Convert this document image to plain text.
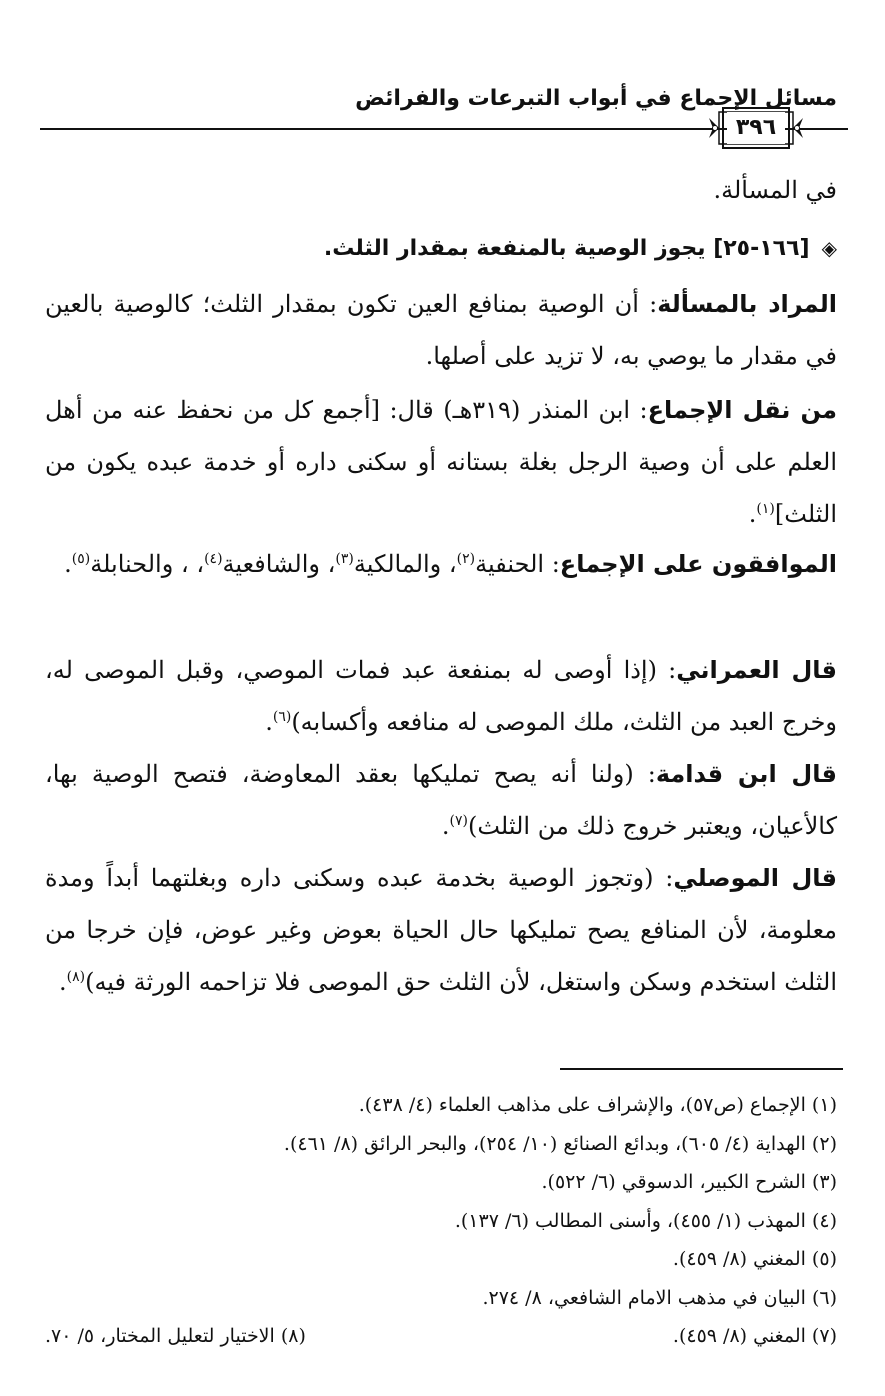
مسائل الإجماع في أبواب التبرعات والفرائض
٣٩٦

في المسألة.

◈[١٦٦-٢٥] يجوز الوصية بالمنفعة بمقدار الثلث.

المراد بالمسألة: أن الوصية بمنافع العين تكون بمقدار الثلث؛ كالوصية بالعين في مقدار ما يوصي به، لا تزيد على أصلها.

من نقل الإجماع: ابن المنذر (٣١٩هـ) قال: [أجمع كل من نحفظ عنه من أهل العلم على أن وصية الرجل بغلة بستانه أو سكنى داره أو خدمة عبده يكون من الثلث]$^{(١)}$.

الموافقون على الإجماع: الحنفية$^{(٢)}$، والمالكية$^{(٣)}$، والشافعية$^{(٤)}$، ، والحنابلة$^{(٥)}$.

قال العمراني: (إذا أوصى له بمنفعة عبد فمات الموصي، وقبل الموصى له، وخرج العبد من الثلث، ملك الموصى له منافعه وأكسابه)$^{(٦)}$.

قال ابن قدامة: (ولنا أنه يصح تمليكها بعقد المعاوضة، فتصح الوصية بها، كالأعيان، ويعتبر خروج ذلك من الثلث)$^{(٧)}$.

قال الموصلي: (وتجوز الوصية بخدمة عبده وسكنى داره وبغلتهما أبداً ومدة معلومة، لأن المنافع يصح تمليكها حال الحياة بعوض وغير عوض، فإن خرجا من الثلث استخدم وسكن واستغل، لأن الثلث حق الموصى فلا تزاحمه الورثة فيه)$^{(٨)}$.

(١) الإجماع (ص٥٧)، والإشراف على مذاهب العلماء (٤/ ٤٣٨).
(٢) الهداية (٤/ ٦٠٥)، وبدائع الصنائع (١٠/ ٢٥٤)، والبحر الرائق (٨/ ٤٦١).
(٣) الشرح الكبير، الدسوقي (٦/ ٥٢٢).
(٤) المهذب (١/ ٤٥٥)، وأسنى المطالب (٦/ ١٣٧).
(٥) المغني (٨/ ٤٥٩).
(٦) البيان في مذهب الامام الشافعي، ٨/ ٢٧٤.
(٧) المغني (٨/ ٤٥٩).
(٨) الاختيار لتعليل المختار، ٥/ ٧٠.
